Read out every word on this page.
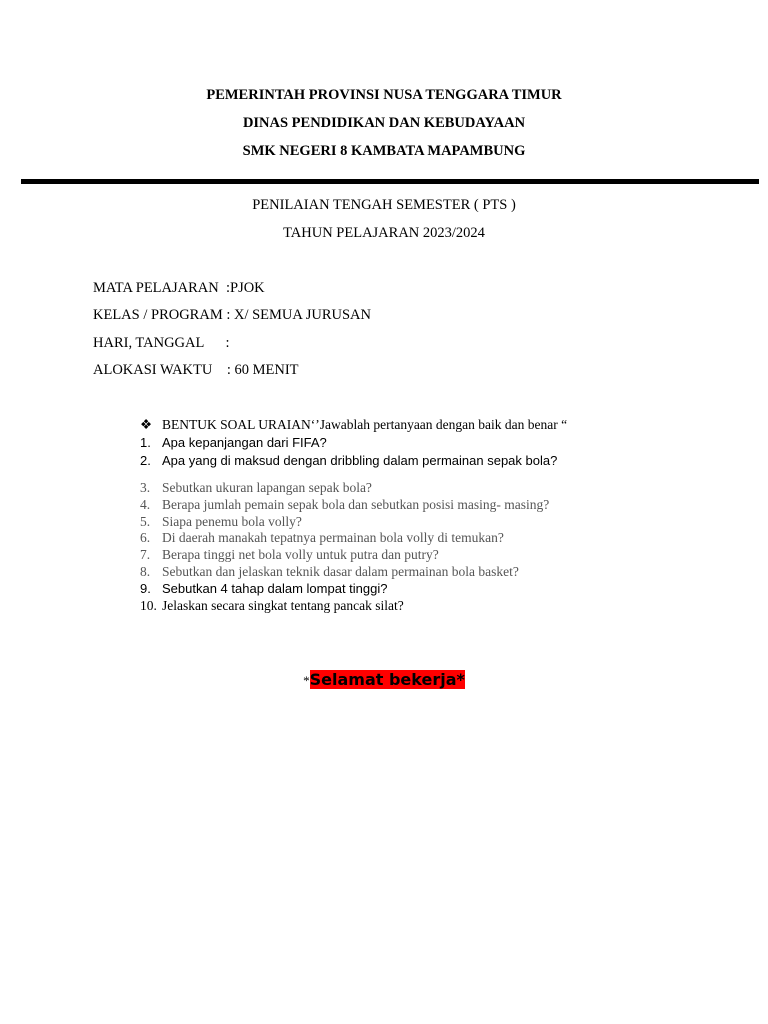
PEMERINTAH PROVINSI NUSA TENGGARA TIMUR
DINAS PENDIDIKAN DAN KEBUDAYAAN
SMK NEGERI 8 KAMBATA MAPAMBUNG
PENILAIAN TENGAH SEMESTER ( PTS )
TAHUN PELAJARAN 2023/2024
MATA PELAJARAN  :PJOK
KELAS / PROGRAM : X/ SEMUA JURUSAN
HARI, TANGGAL      :
ALOKASI WAKTU    : 60 MENIT
❖ BENTUK SOAL URAIAN‘’Jawablah pertanyaan dengan baik dan benar “
1. Apa kepanjangan dari FIFA?
2. Apa yang di maksud dengan dribbling dalam permainan sepak bola?
3. Sebutkan ukuran lapangan sepak bola?
4. Berapa jumlah pemain sepak bola dan sebutkan posisi masing- masing?
5. Siapa penemu bola volly?
6. Di daerah manakah tepatnya permainan bola volly di temukan?
7. Berapa tinggi net bola volly untuk putra dan putry?
8. Sebutkan dan jelaskan teknik dasar dalam permainan bola basket?
9. Sebutkan 4 tahap dalam lompat tinggi?
10. Jelaskan secara singkat tentang pancak silat?
*Selamat bekerja*
